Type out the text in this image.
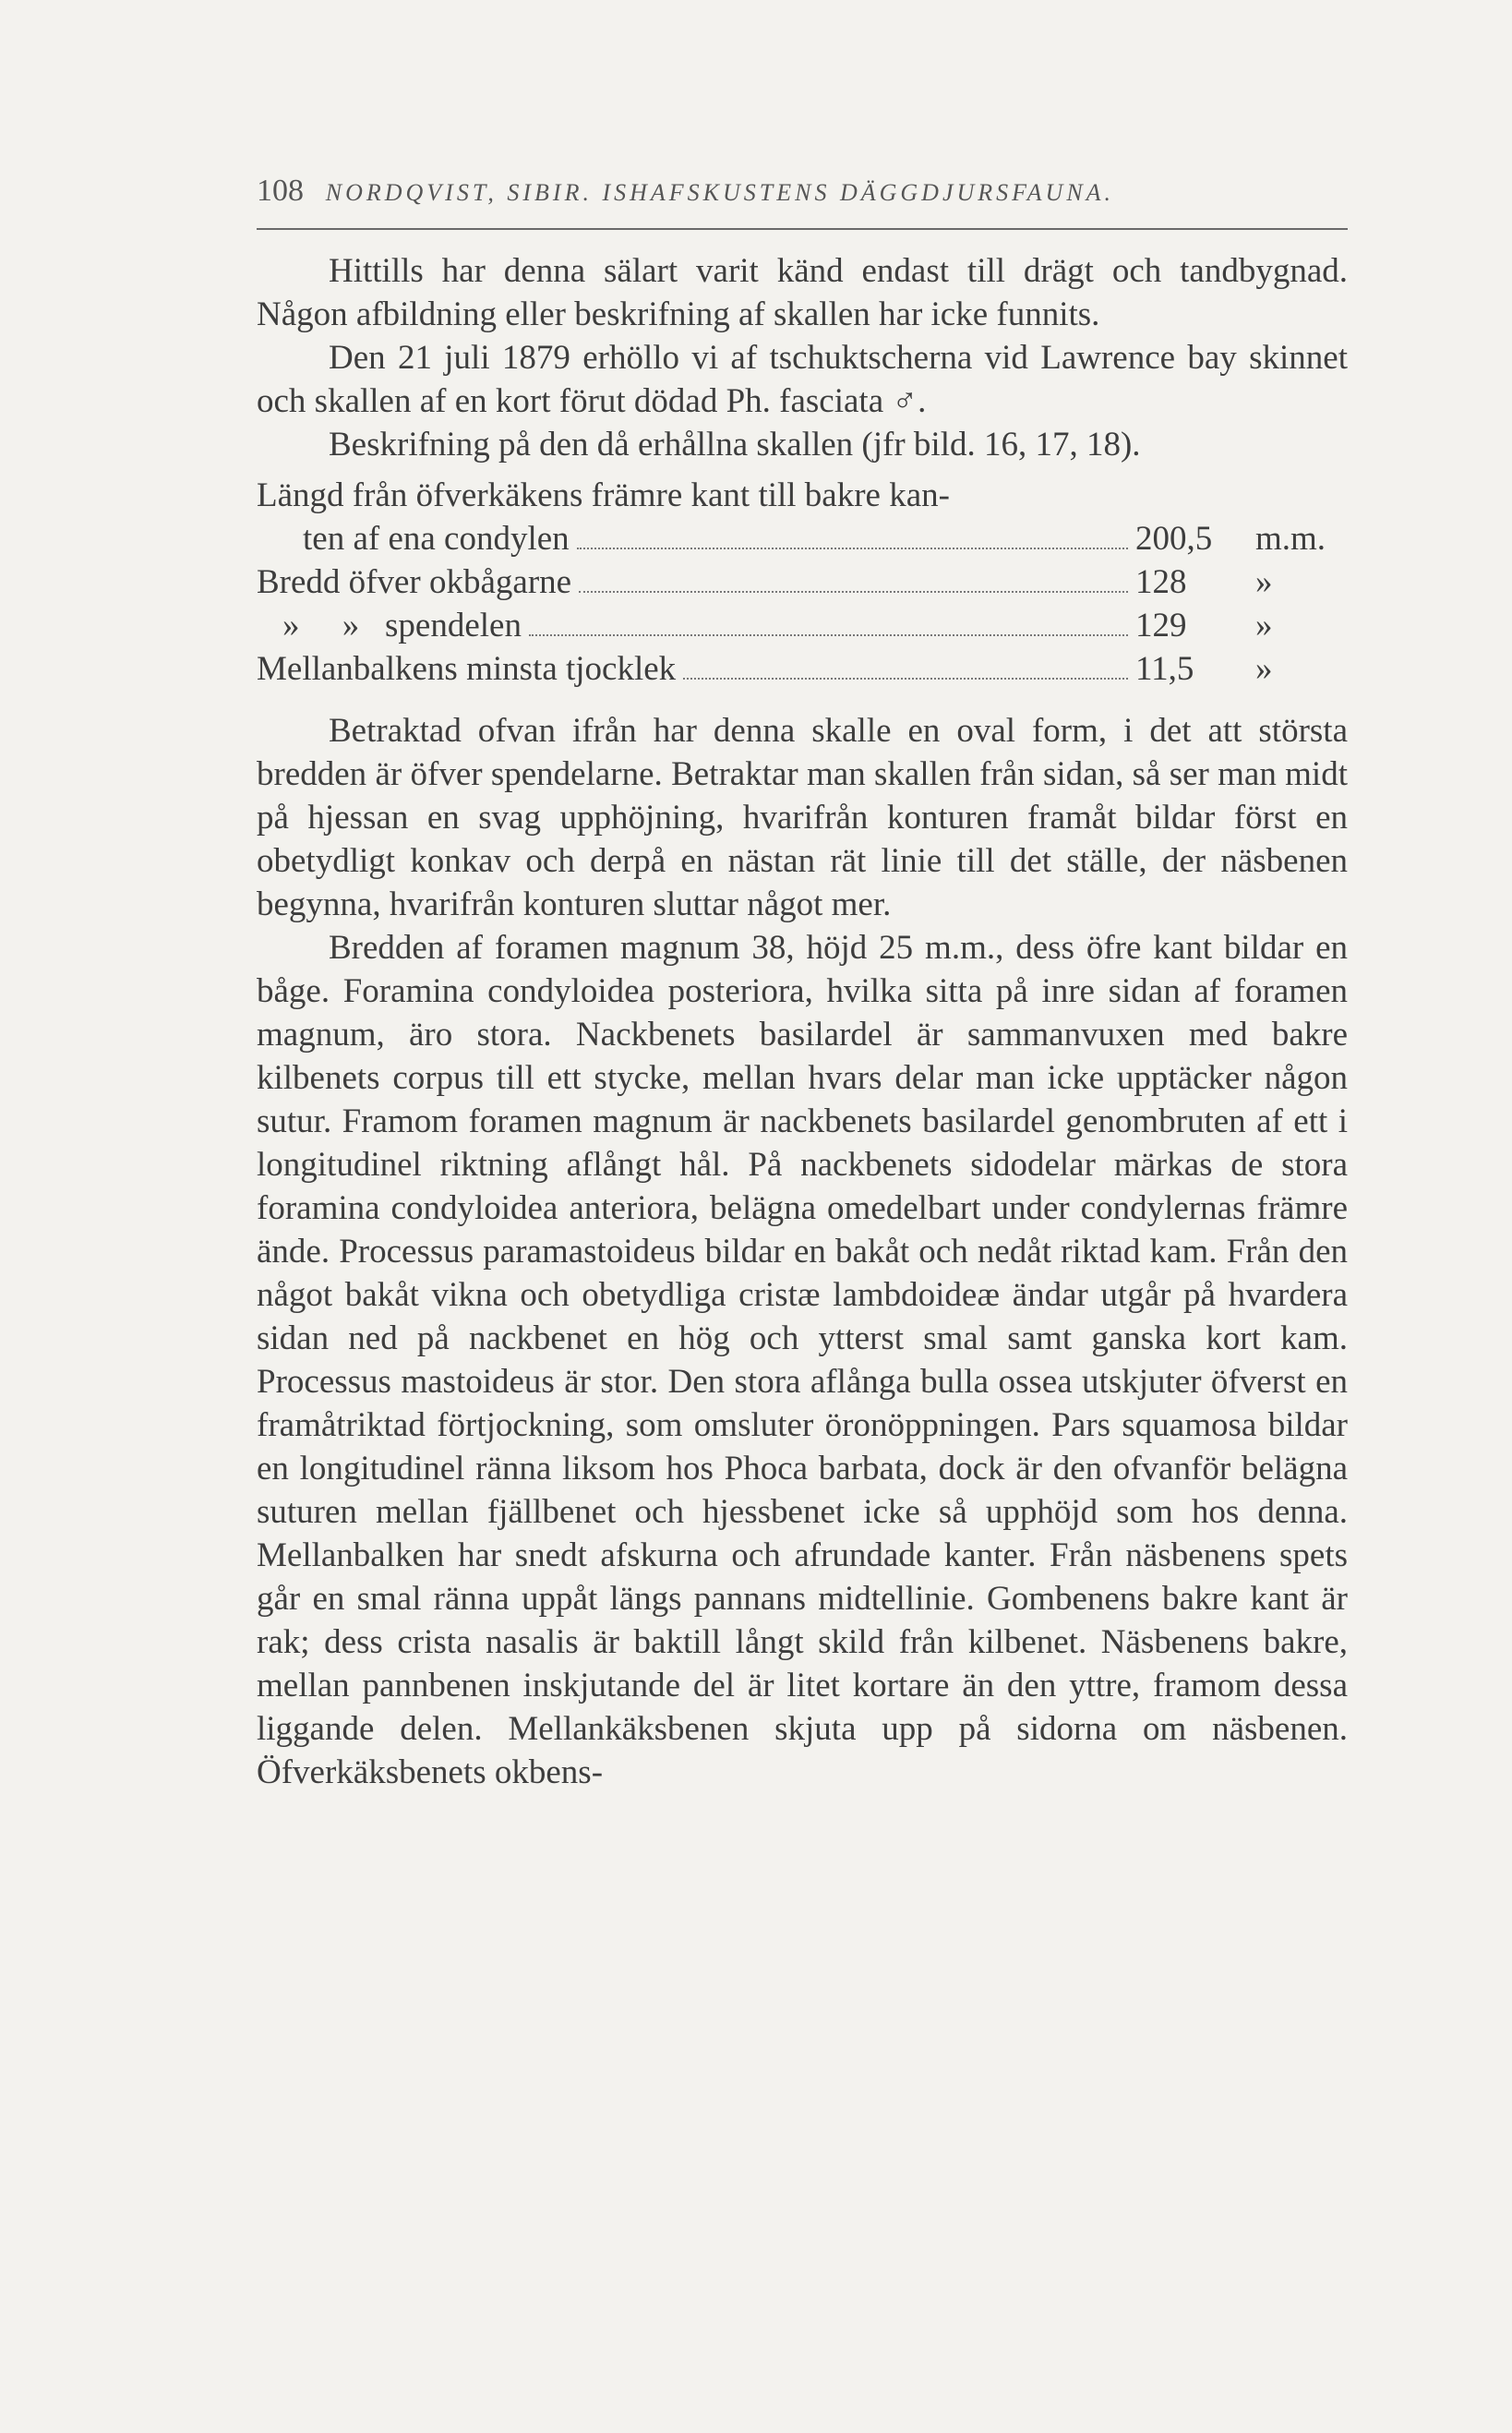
108 NORDQVIST, SIBIR. ISHAFSKUSTENS DÄGGDJURSFAUNA.

Hittills har denna sälart varit känd endast till drägt och tandbygnad. Någon afbildning eller beskrifning af skallen har icke funnits.

Den 21 juli 1879 erhöllo vi af tschuktscherna vid Lawrence bay skinnet och skallen af en kort förut dödad Ph. fasciata ♂.

Beskrifning på den då erhållna skallen (jfr bild. 16, 17, 18).

Längd från öfverkäkens främre kant till bakre kan-
ten af ena condylen	200,5	m.m.
Bredd öfver okbågarne	128	»
»     »   spendelen	129	»
Mellanbalkens minsta tjocklek	11,5	»

Betraktad ofvan ifrån har denna skalle en oval form, i det att största bredden är öfver spendelarne. Betraktar man skallen från sidan, så ser man midt på hjessan en svag upphöjning, hvarifrån konturen framåt bildar först en obetydligt konkav och derpå en nästan rät linie till det ställe, der näsbenen begynna, hvarifrån konturen sluttar något mer.

Bredden af foramen magnum 38, höjd 25 m.m., dess öfre kant bildar en båge. Foramina condyloidea posteriora, hvilka sitta på inre sidan af foramen magnum, äro stora. Nackbenets basilardel är sammanvuxen med bakre kilbenets corpus till ett stycke, mellan hvars delar man icke upptäcker någon sutur. Framom foramen magnum är nackbenets basilardel genombruten af ett i longitudinel riktning aflångt hål. På nackbenets sidodelar märkas de stora foramina condyloidea anteriora, belägna omedelbart under condylernas främre ände. Processus paramastoideus bildar en bakåt och nedåt riktad kam. Från den något bakåt vikna och obetydliga cristæ lambdoideæ ändar utgår på hvardera sidan ned på nackbenet en hög och ytterst smal samt ganska kort kam. Processus mastoideus är stor. Den stora aflånga bulla ossea utskjuter öfverst en framåtriktad förtjockning, som omsluter öronöppningen. Pars squamosa bildar en longitudinel ränna liksom hos Phoca barbata, dock är den ofvanför belägna suturen mellan fjällbenet och hjessbenet icke så upphöjd som hos denna. Mellanbalken har snedt afskurna och afrundade kanter. Från näsbenens spets går en smal ränna uppåt längs pannans midtellinie. Gombenens bakre kant är rak; dess crista nasalis är baktill långt skild från kilbenet. Näsbenens bakre, mellan pannbenen inskjutande del är litet kortare än den yttre, framom dessa liggande delen. Mellankäksbenen skjuta upp på sidorna om näsbenen. Öfverkäksbenets okbens-
